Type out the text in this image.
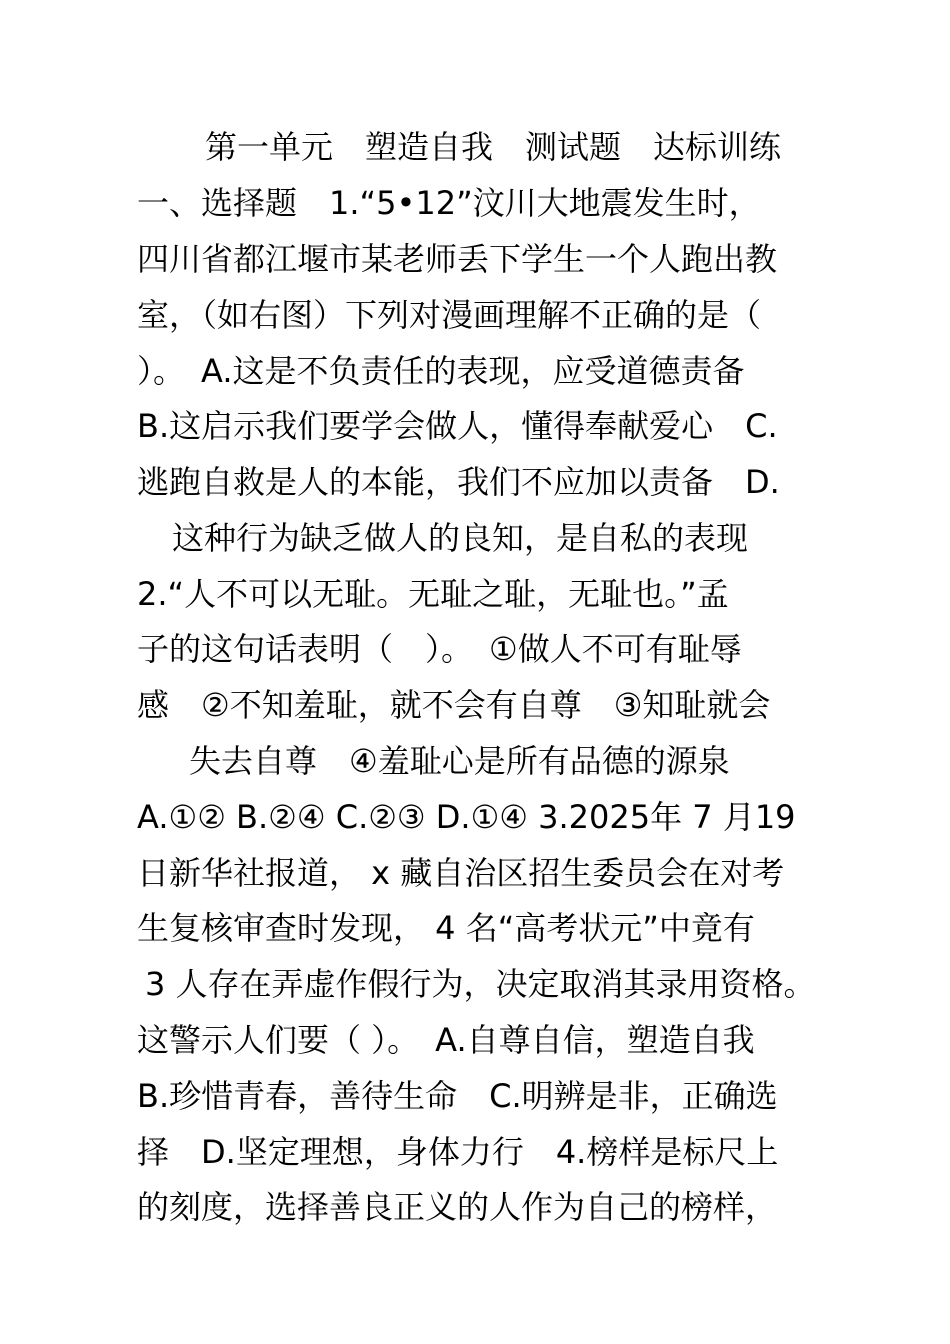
第一单元　塑造自我　测试题　达标训练
一、选择题　1.“5•12”汶川大地震发生时，
四川省都江堰市某老师丢下学生一个人跑出教
室，（如右图）下列对漫画理解不正确的是（
）。　A.这是不负责任的表现，应受道德责备
B.这启示我们要学会做人，懂得奉献爱心　C.
逃跑自救是人的本能，我们不应加以责备　D.
这种行为缺乏做人的良知，是自私的表现
2.“人不可以无耻。无耻之耻，无耻也。”孟
子的这句话表明（　）。　①做人不可有耻辱
感　②不知羞耻，就不会有自尊　③知耻就会
失去自尊　④羞耻心是所有品德的源泉
A.①② B.②④ C.②③ D.①④ 3.2025年 7 月19
日新华社报道， x 藏自治区招生委员会在对考
生复核审查时发现， 4 名“高考状元”中竟有
3 人存在弄虚作假行为，决定取消其录用资格。
这警示人们要（ ）。　A.自尊自信，塑造自我
B.珍惜青春，善待生命　C.明辨是非，正确选
择　D.坚定理想，身体力行　4.榜样是标尺上
的刻度，选择善良正义的人作为自己的榜样，
